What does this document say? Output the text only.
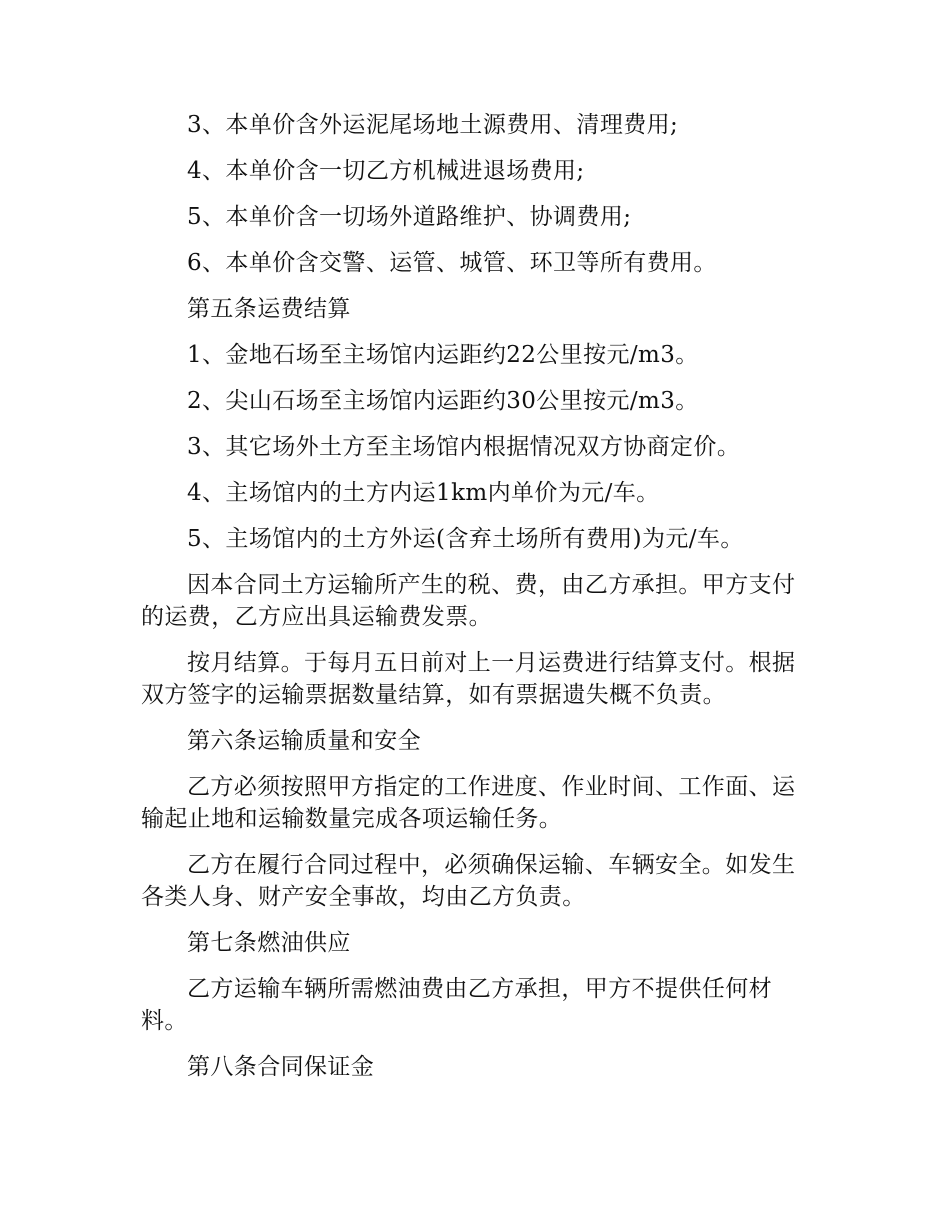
3、本单价含外运泥尾场地土源费用、清理费用;

4、本单价含一切乙方机械进退场费用;

5、本单价含一切场外道路维护、协调费用;

6、本单价含交警、运管、城管、环卫等所有费用。

第五条运费结算

1、金地石场至主场馆内运距约22公里按元/m3。

2、尖山石场至主场馆内运距约30公里按元/m3。

3、其它场外土方至主场馆内根据情况双方协商定价。

4、主场馆内的土方内运1km内单价为元/车。

5、主场馆内的土方外运(含弃土场所有费用)为元/车。

因本合同土方运输所产生的税、费，由乙方承担。甲方支付的运费，乙方应出具运输费发票。

按月结算。于每月五日前对上一月运费进行结算支付。根据双方签字的运输票据数量结算，如有票据遗失概不负责。

第六条运输质量和安全

乙方必须按照甲方指定的工作进度、作业时间、工作面、运输起止地和运输数量完成各项运输任务。

乙方在履行合同过程中，必须确保运输、车辆安全。如发生各类人身、财产安全事故，均由乙方负责。

第七条燃油供应

乙方运输车辆所需燃油费由乙方承担，甲方不提供任何材料。

第八条合同保证金
